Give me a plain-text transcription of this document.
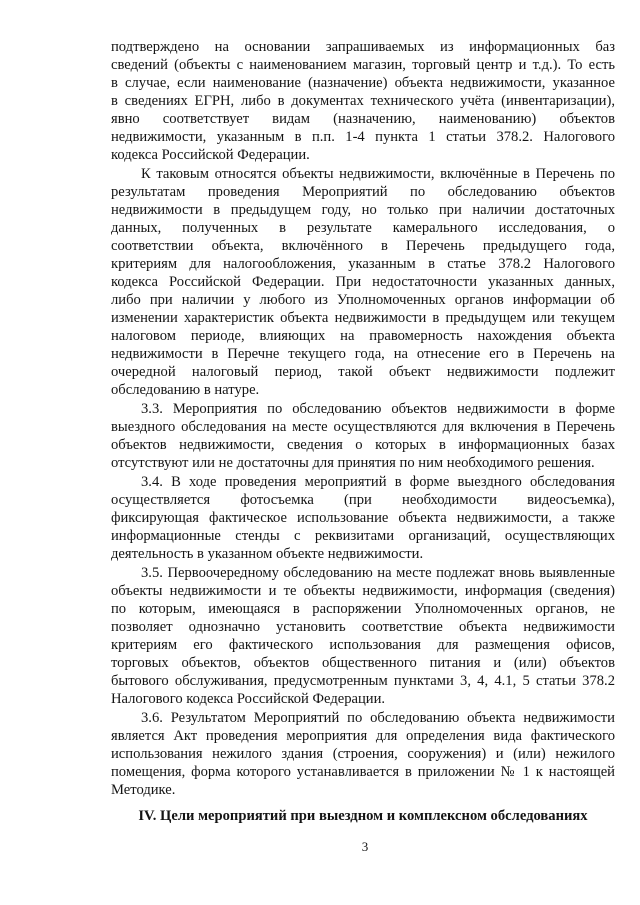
подтверждено на основании запрашиваемых из информационных баз
сведений (объекты с наименованием магазин, торговый центр и т.д.). То есть
в случае, если наименование (назначение) объекта недвижимости, указанное
в сведениях ЕГРН, либо в документах технического учёта (инвентаризации),
явно соответствует видам (назначению, наименованию) объектов
недвижимости, указанным в п.п. 1-4 пункта 1 статьи 378.2. Налогового
кодекса Российской Федерации.
К таковым относятся объекты недвижимости, включённые в Перечень по
результатам проведения Мероприятий по обследованию объектов
недвижимости в предыдущем году, но только при наличии достаточных
данных, полученных в результате камерального исследования, о
соответствии объекта, включённого в Перечень предыдущего года,
критериям для налогообложения, указанным в статье 378.2 Налогового
кодекса Российской Федерации. При недостаточности указанных данных,
либо при наличии у любого из Уполномоченных органов информации об
изменении характеристик объекта недвижимости в предыдущем или текущем
налоговом периоде, влияющих на правомерность нахождения объекта
недвижимости в Перечне текущего года, на отнесение его в Перечень на
очередной налоговый период, такой объект недвижимости подлежит
обследованию в натуре.
3.3. Мероприятия по обследованию объектов недвижимости в форме
выездного обследования на месте осуществляются для включения в Перечень
объектов недвижимости, сведения о которых в информационных базах
отсутствуют или не достаточны для принятия по ним необходимого решения.
3.4. В ходе проведения мероприятий в форме выездного обследования
осуществляется фотосъемка (при необходимости видеосъемка),
фиксирующая фактическое использование объекта недвижимости, а также
информационные стенды с реквизитами организаций, осуществляющих
деятельность в указанном объекте недвижимости.
3.5. Первоочередному обследованию на месте подлежат вновь выявленные
объекты недвижимости и те объекты недвижимости, информация (сведения)
по которым, имеющаяся в распоряжении Уполномоченных органов, не
позволяет однозначно установить соответствие объекта недвижимости
критериям его фактического использования для размещения офисов,
торговых объектов, объектов общественного питания и (или) объектов
бытового обслуживания, предусмотренным пунктами 3, 4, 4.1, 5 статьи 378.2
Налогового кодекса Российской Федерации.
3.6. Результатом Мероприятий по обследованию объекта недвижимости
является Акт проведения мероприятия для определения вида фактического
использования нежилого здания (строения, сооружения) и (или) нежилого
помещения, форма которого устанавливается в приложении № 1 к настоящей
Методике.
IV. Цели мероприятий при выездном и комплексном обследованиях
3
